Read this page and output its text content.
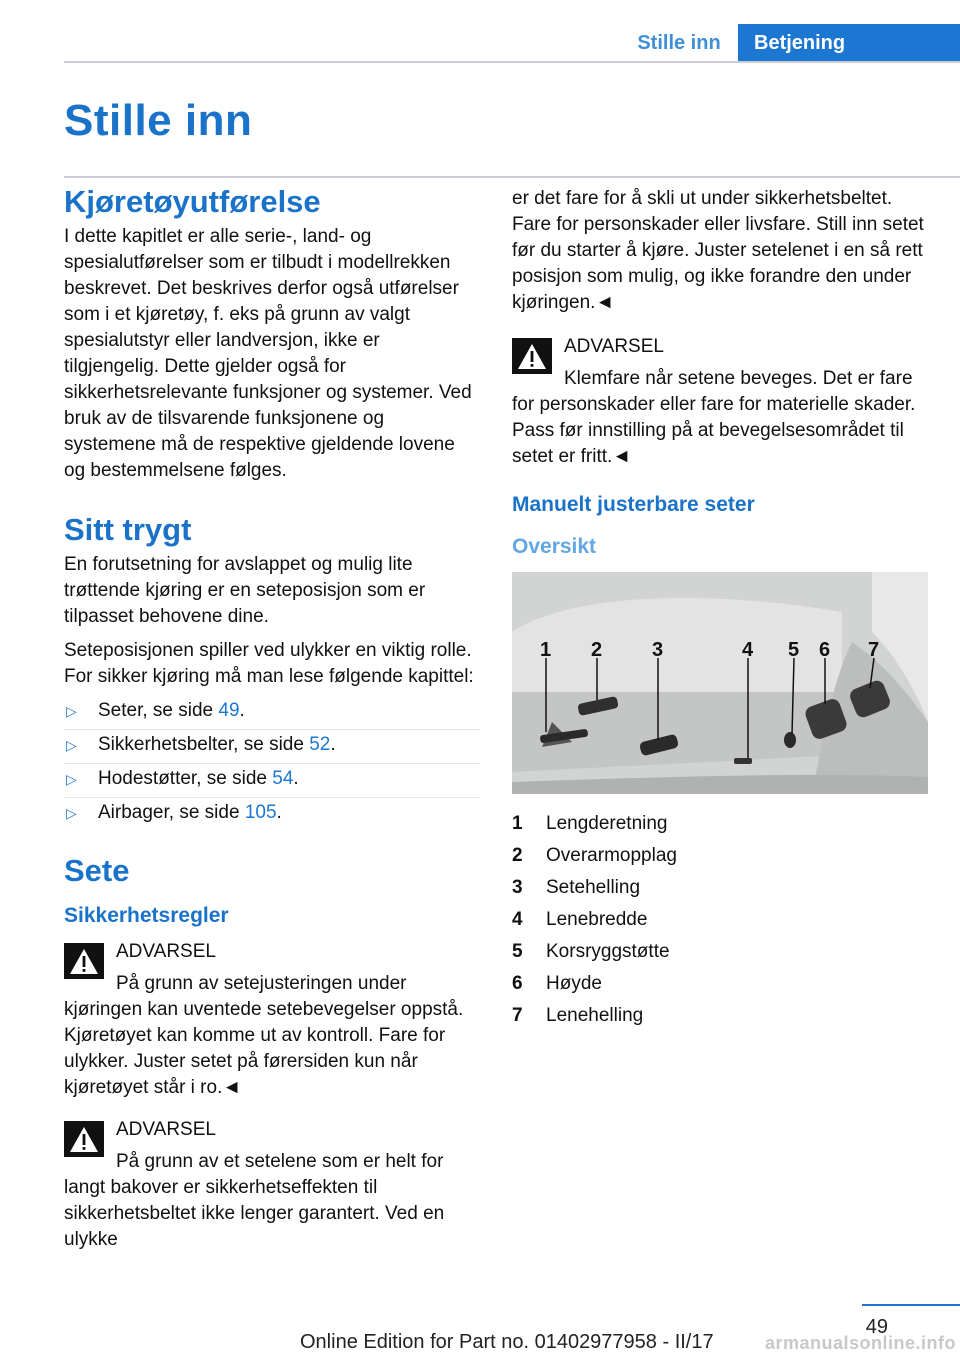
Stille inn	Betjening
Stille inn
Kjøretøyutførelse

I dette kapitlet er alle serie-, land- og spesialutførelser som er tilbudt i modellrekken beskrevet. Det beskrives derfor også utførelser som i et kjøretøy, f. eks på grunn av valgt spesialutstyr eller landversjon, ikke er tilgjengelig. Dette gjelder også for sikkerhetsrelevante funksjoner og systemer. Ved bruk av de tilsvarende funksjonene og systemene må de respektive gjeldende lovene og bestemmelsene følges.

Sitt trygt

En forutsetning for avslappet og mulig lite trøttende kjøring er en seteposisjon som er tilpasset behovene dine.

Seteposisjonen spiller ved ulykker en viktig rolle. For sikker kjøring må man lese følgende kapittel:

▷ Seter, se side 49.
▷ Sikkerhetsbelter, se side 52.
▷ Hodestøtter, se side 54.
▷ Airbager, se side 105.
Sete
Sikkerhetsregler
ADVARSEL
På grunn av setejusteringen under kjøringen kan uventede setebevegelser oppstå. Kjøretøyet kan komme ut av kontroll. Fare for ulykker. Juster setet på førersiden kun når kjøretøyet står i ro.◄
ADVARSEL
På grunn av et setelene som er helt for langt bakover er sikkerhetseffekten til sikkerhetsbeltet ikke lenger garantert. Ved en ulykke

er det fare for å skli ut under sikkerhetsbeltet. Fare for personskader eller livsfare. Still inn setet før du starter å kjøre. Juster setelenet i en så rett posisjon som mulig, og ikke forandre den under kjøringen.◄

ADVARSEL
Klemfare når setene beveges. Det er fare for personskader eller fare for materielle skader. Pass før innstilling på at bevegelsesområdet til setet er fritt.◄
Manuelt justerbare seter
Oversikt
1 2 3	4 5 6 7
1 Lengderetning
2 Overarmopplag
3 Setehelling
4 Lenebredde
5 Korsryggstøtte
6 Høyde
7 Lenehelling
49
Online Edition for Part no. 01402977958 - II/17	armanualsonline.info
